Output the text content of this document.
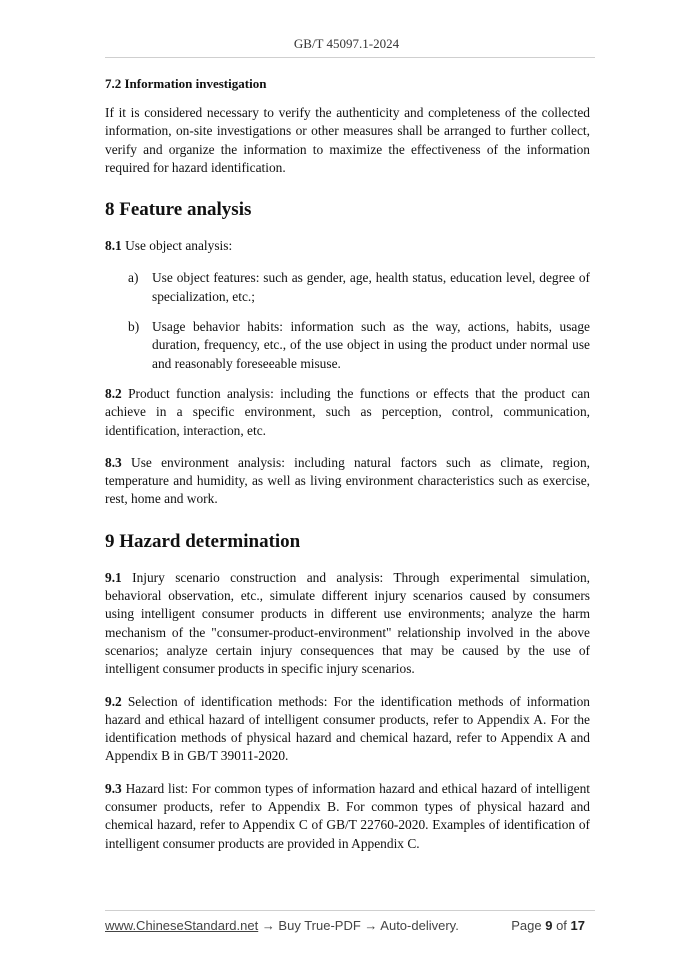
GB/T 45097.1-2024
7.2 Information investigation

If it is considered necessary to verify the authenticity and completeness of the collected information, on-site investigations or other measures shall be arranged to further collect, verify and organize the information to maximize the effectiveness of the information required for hazard identification.

8 Feature analysis

8.1 Use object analysis:

a)	Use object features: such as gender, age, health status, education level, degree of specialization, etc.;
b) Usage behavior habits: information such as the way, actions, habits, usage duration, frequency, etc., of the use object in using the product under normal use and reasonably foreseeable misuse.

8.2 Product function analysis: including the functions or effects that the product can achieve in a specific environment, such as perception, control, communication, identification, interaction, etc.

8.3 Use environment analysis: including natural factors such as climate, region, temperature and humidity, as well as living environment characteristics such as exercise, rest, home and work.

9 Hazard determination

9.1 Injury scenario construction and analysis: Through experimental simulation, behavioral observation, etc., simulate different injury scenarios caused by consumers using intelligent consumer products in different use environments; analyze the harm mechanism of the "consumer-product-environment" relationship involved in the above scenarios; analyze certain injury consequences that may be caused by the use of intelligent consumer products in specific injury scenarios.

9.2 Selection of identification methods: For the identification methods of information hazard and ethical hazard of intelligent consumer products, refer to Appendix A. For the identification methods of physical hazard and chemical hazard, refer to Appendix A and Appendix B in GB/T 39011-2020.

9.3 Hazard list: For common types of information hazard and ethical hazard of intelligent consumer products, refer to Appendix B. For common types of physical hazard and chemical hazard, refer to Appendix C of GB/T 22760-2020. Examples of identification of intelligent consumer products are provided in Appendix C.

www.ChineseStandard.net → Buy True-PDF → Auto-delivery.	Page 9 of 17
